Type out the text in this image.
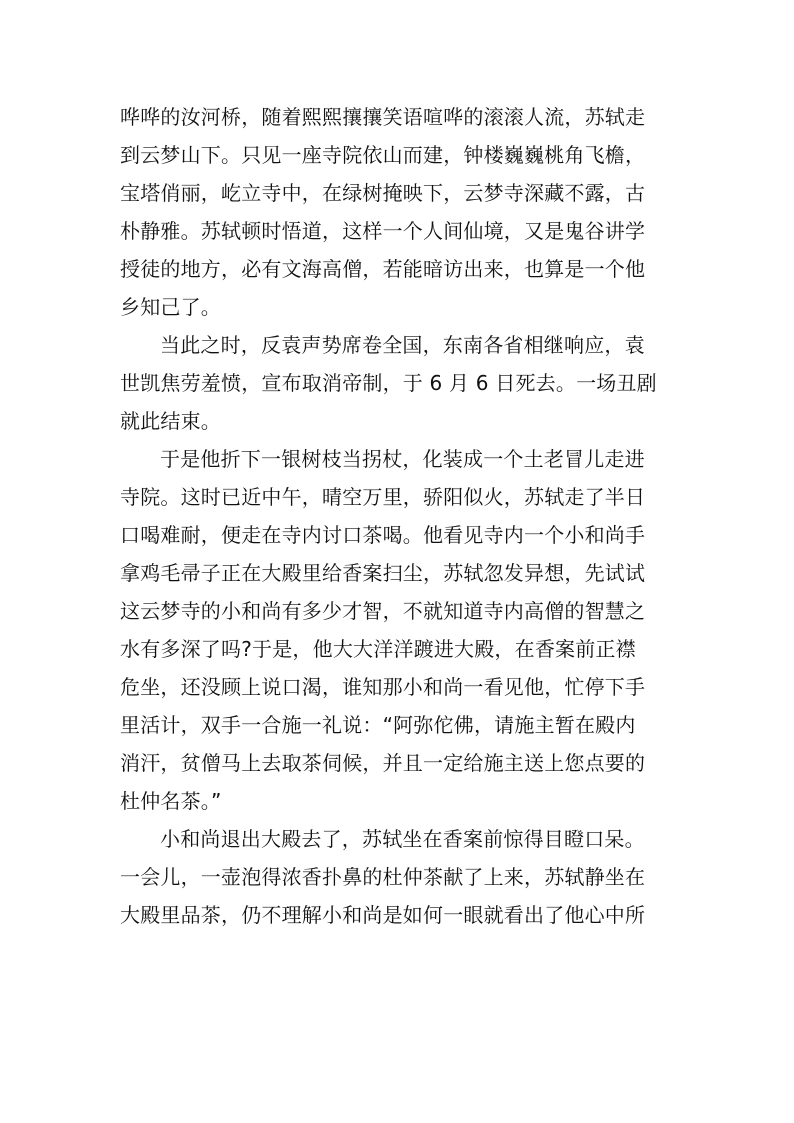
哗哗的汝河桥，随着熙熙攘攘笑语喧哗的滚滚人流，苏轼走
到云梦山下。只见一座寺院依山而建，钟楼巍巍桃角飞檐，
宝塔俏丽，屹立寺中，在绿树掩映下，云梦寺深藏不露，古
朴静雅。苏轼顿时悟道，这样一个人间仙境，又是鬼谷讲学
授徒的地方，必有文海高僧，若能暗访出来，也算是一个他
乡知己了。
当此之时，反袁声势席卷全国，东南各省相继响应，袁
世凯焦劳羞愤，宣布取消帝制，于 6 月 6 日死去。一场丑剧
就此结束。
于是他折下一银树枝当拐杖，化装成一个土老冒儿走进
寺院。这时已近中午，晴空万里，骄阳似火，苏轼走了半日
口喝难耐，便走在寺内讨口茶喝。他看见寺内一个小和尚手
拿鸡毛帚子正在大殿里给香案扫尘，苏轼忽发异想，先试试
这云梦寺的小和尚有多少才智，不就知道寺内高僧的智慧之
水有多深了吗?于是，他大大洋洋踱进大殿，在香案前正襟
危坐，还没顾上说口渴，谁知那小和尚一看见他，忙停下手
里活计，双手一合施一礼说：“阿弥佗佛，请施主暂在殿内
消汗，贫僧马上去取茶伺候，并且一定给施主送上您点要的
杜仲名茶。”
小和尚退出大殿去了，苏轼坐在香案前惊得目瞪口呆。
一会儿，一壶泡得浓香扑鼻的杜仲茶献了上来，苏轼静坐在
大殿里品茶，仍不理解小和尚是如何一眼就看出了他心中所
